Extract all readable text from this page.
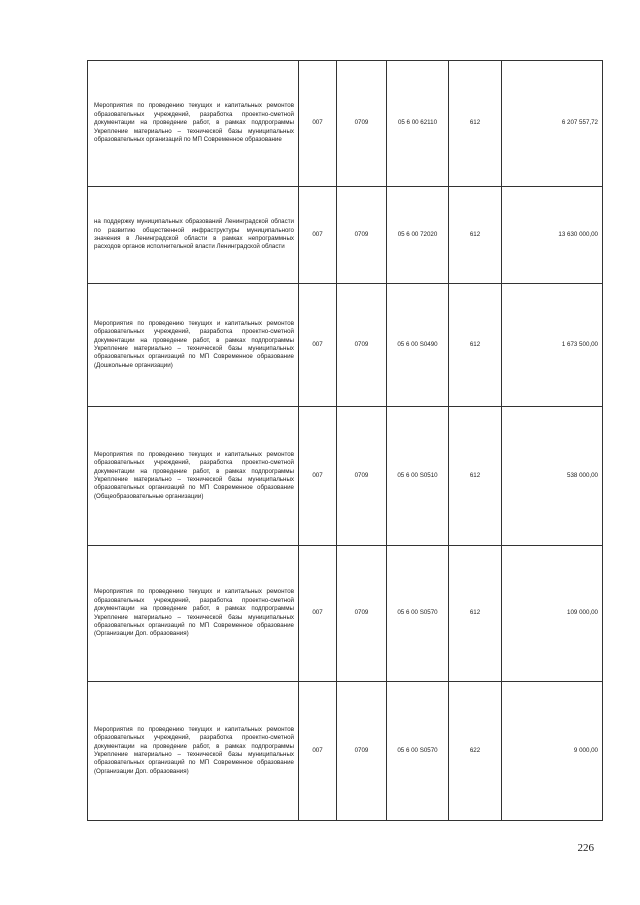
Мероприятия по проведению текущих и капитальных ремонтов образовательных учреждений, разработка проектно-сметной документации на проведение работ, в рамках подпрограммы Укрепление материально – технической базы муниципальных образовательных организаций по МП Современное образование	007	0709	05 6 00 62110	612	6 207 557,72
на поддержку муниципальных образований Ленинградской области по развитию общественной инфраструктуры муниципального значения в Ленинградской области в рамках непрограммных расходов органов исполнительной власти Ленинградской области	007	0709	05 6 00 72020	612	13 630 000,00
Мероприятия по проведению текущих и капитальных ремонтов образовательных учреждений, разработка проектно-сметной документации на проведение работ, в рамках подпрограммы Укрепление материально – технической базы муниципальных образовательных организаций по МП Современное образование (Дошкольные организации)	007	0709	05 6 00 S0490	612	1 673 500,00
Мероприятия по проведению текущих и капитальных ремонтов образовательных учреждений, разработка проектно-сметной документации на проведение работ, в рамках подпрограммы Укрепление материально – технической базы муниципальных образовательных организаций по МП Современное образование (Общеобразовательные организации)	007	0709	05 6 00 S0510	612	538 000,00
Мероприятия по проведению текущих и капитальных ремонтов образовательных учреждений, разработка проектно-сметной документации на проведение работ, в рамках подпрограммы Укрепление материально – технической базы муниципальных образовательных организаций по МП Современное образование (Организации Доп. образования)	007	0709	05 6 00 S0570	612	109 000,00
Мероприятия по проведению текущих и капитальных ремонтов образовательных учреждений, разработка проектно-сметной документации на проведение работ, в рамках подпрограммы Укрепление материально – технической базы муниципальных образовательных организаций по МП Современное образование (Организации Доп. образования)	007	0709	05 6 00 S0570	622	9 000,00
226
